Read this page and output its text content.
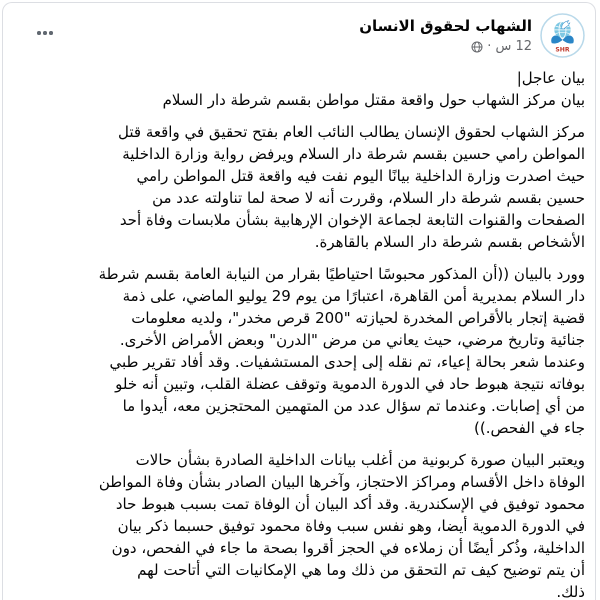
SHR
الشهاب لحقوق الانسان
12 س
·
بيان عاجل|
بيان مركز الشهاب حول واقعة مقتل مواطن بقسم شرطة دار السلام
مركز الشهاب لحقوق الإنسان يطالب النائب العام بفتح تحقيق في واقعة قتل
المواطن رامي حسين بقسم شرطة دار السلام ويرفض رواية وزارة الداخلية
حيث اصدرت وزارة الداخلية بيانًا اليوم نفت فيه واقعة قتل المواطن رامي
حسين بقسم شرطة دار السلام، وقررت أنه لا صحة لما تناولته عدد من
الصفحات والقنوات التابعة لجماعة الإخوان الإرهابية بشأن ملابسات وفاة أحد
الأشخاص بقسم شرطة دار السلام بالقاهرة.
وورد بالبيان ((أن المذكور محبوسًا احتياطيًا بقرار من النيابة العامة بقسم شرطة
دار السلام بمديرية أمن القاهرة، اعتبارًا من يوم 29 يوليو الماضي، على ذمة
قضية إتجار بالأقراص المخدرة لحيازته "200 قرص مخدر"، ولديه معلومات
جنائية وتاريخ مرضي، حيث يعاني من مرض "الدرن" وبعض الأمراض الأخرى.
وعندما شعر بحالة إعياء، تم نقله إلى إحدى المستشفيات. وقد أفاد تقرير طبي
بوفاته نتيجة هبوط حاد في الدورة الدموية وتوقف عضلة القلب، وتبين أنه خلو
من أي إصابات. وعندما تم سؤال عدد من المتهمين المحتجزين معه، أيدوا ما
جاء في الفحص.))
ويعتبر البيان صورة كربونية من أغلب بيانات الداخلية الصادرة بشأن حالات
الوفاة داخل الأقسام ومراكز الاحتجاز، وآخرها البيان الصادر بشأن وفاة المواطن
محمود توفيق في الإسكندرية. وقد أكد البيان أن الوفاة تمت بسبب هبوط حاد
في الدورة الدموية أيضا، وهو نفس سبب وفاة محمود توفيق حسبما ذكر بيان
الداخلية، وذُكر أيضًا أن زملاءه في الحجز أقروا بصحة ما جاء في الفحص، دون
أن يتم توضيح كيف تم التحقق من ذلك وما هي الإمكانيات التي أتاحت لهم
ذلك.
